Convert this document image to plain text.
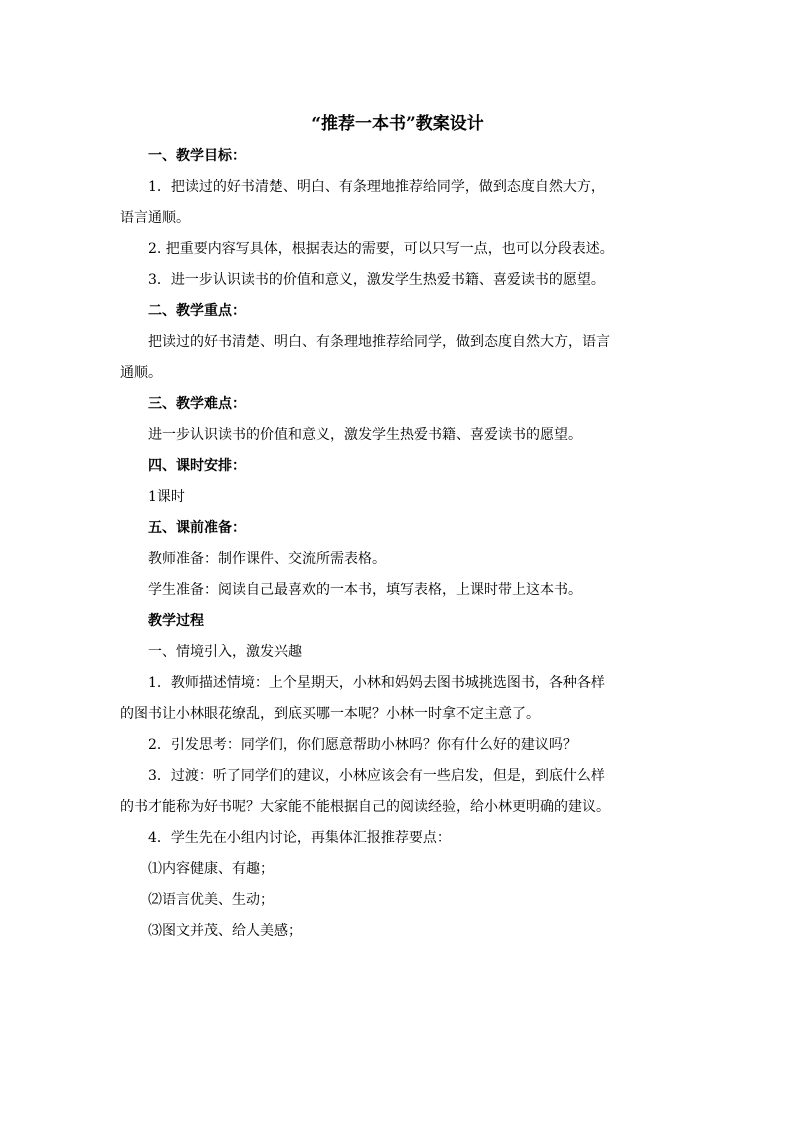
“推荐一本书”教案设计

一、教学目标：

1．把读过的好书清楚、明白、有条理地推荐给同学，做到态度自然大方，

语言通顺。

2. 把重要内容写具体，根据表达的需要，可以只写一点，也可以分段表述。

3．进一步认识读书的价值和意义，激发学生热爱书籍、喜爱读书的愿望。

二、教学重点：

把读过的好书清楚、明白、有条理地推荐给同学，做到态度自然大方，语言

通顺。

三、教学难点：

进一步认识读书的价值和意义，激发学生热爱书籍、喜爱读书的愿望。

四、课时安排：

1课时

五、课前准备：

教师准备：制作课件、交流所需表格。

学生准备：阅读自己最喜欢的一本书，填写表格，上课时带上这本书。

教学过程

一、情境引入，激发兴趣

1．教师描述情境：上个星期天，小林和妈妈去图书城挑选图书，各种各样

的图书让小林眼花缭乱，到底买哪一本呢？小林一时拿不定主意了。

2．引发思考：同学们，你们愿意帮助小林吗？你有什么好的建议吗？

3．过渡：听了同学们的建议，小林应该会有一些启发，但是，到底什么样

的书才能称为好书呢？大家能不能根据自己的阅读经验，给小林更明确的建议。

4．学生先在小组内讨论，再集体汇报推荐要点：

⑴内容健康、有趣；

⑵语言优美、生动；

⑶图文并茂、给人美感；
